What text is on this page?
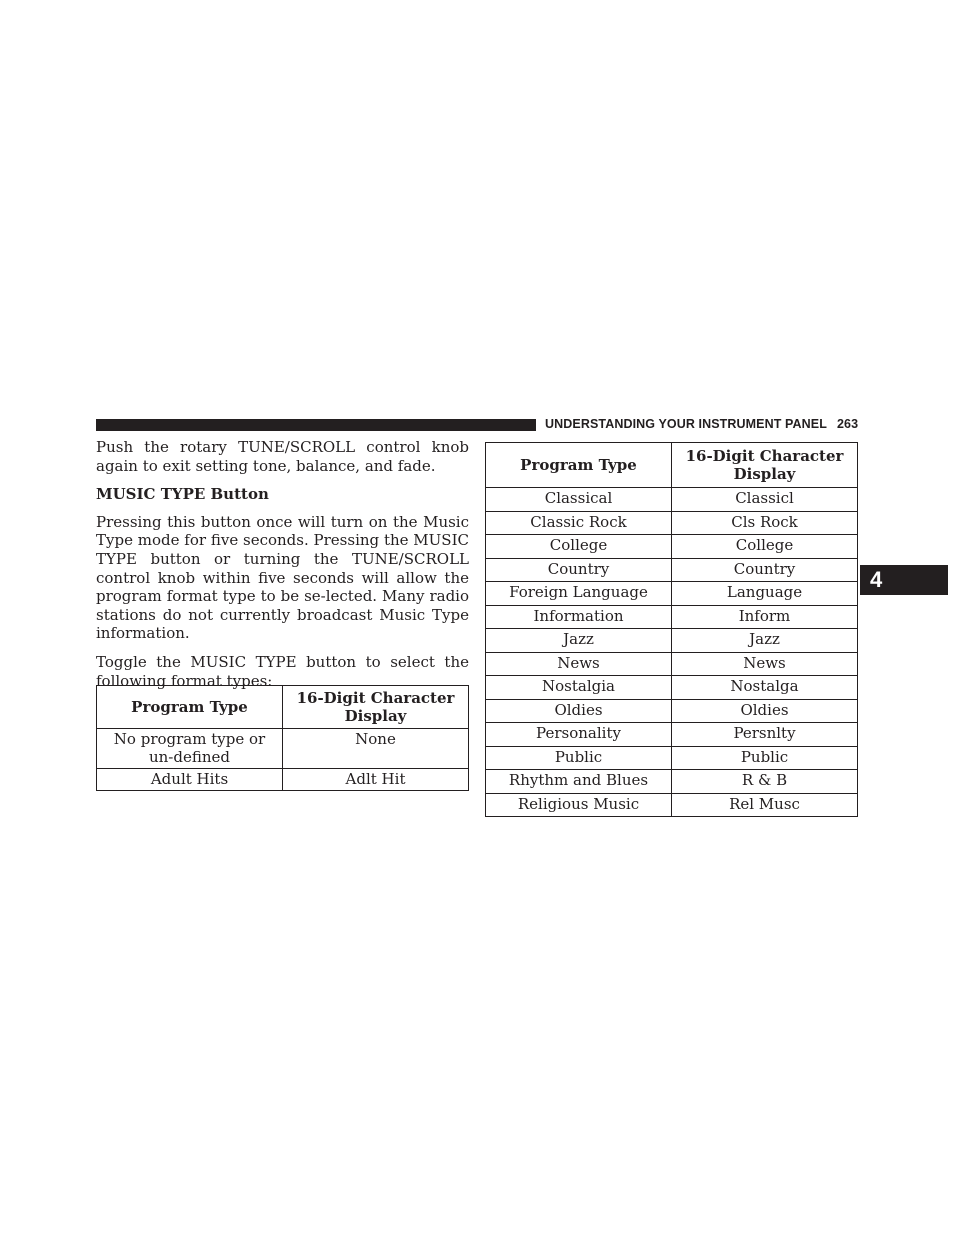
UNDERSTANDING YOUR INSTRUMENT PANEL 263
4

Push the rotary TUNE/SCROLL control knob again to exit setting tone, balance, and fade.

MUSIC TYPE Button

Pressing this button once will turn on the Music Type mode for five seconds. Pressing the MUSIC TYPE button or turning the TUNE/SCROLL control knob within five seconds will allow the program format type to be se-lected. Many radio stations do not currently broadcast Music Type information.

Toggle the MUSIC TYPE button to select the following format types:

Program Type	16-Digit Character Display
No program type or un-defined	None
Adult Hits	Adlt Hit
Program Type	16-Digit Character Display
Classical	Classicl
Classic Rock	Cls Rock
College	College
Country	Country
Foreign Language	Language
Information	Inform
Jazz	Jazz
News	News
Nostalgia	Nostalga
Oldies	Oldies
Personality	Persnlty
Public	Public
Rhythm and Blues	R & B
Religious Music	Rel Musc
